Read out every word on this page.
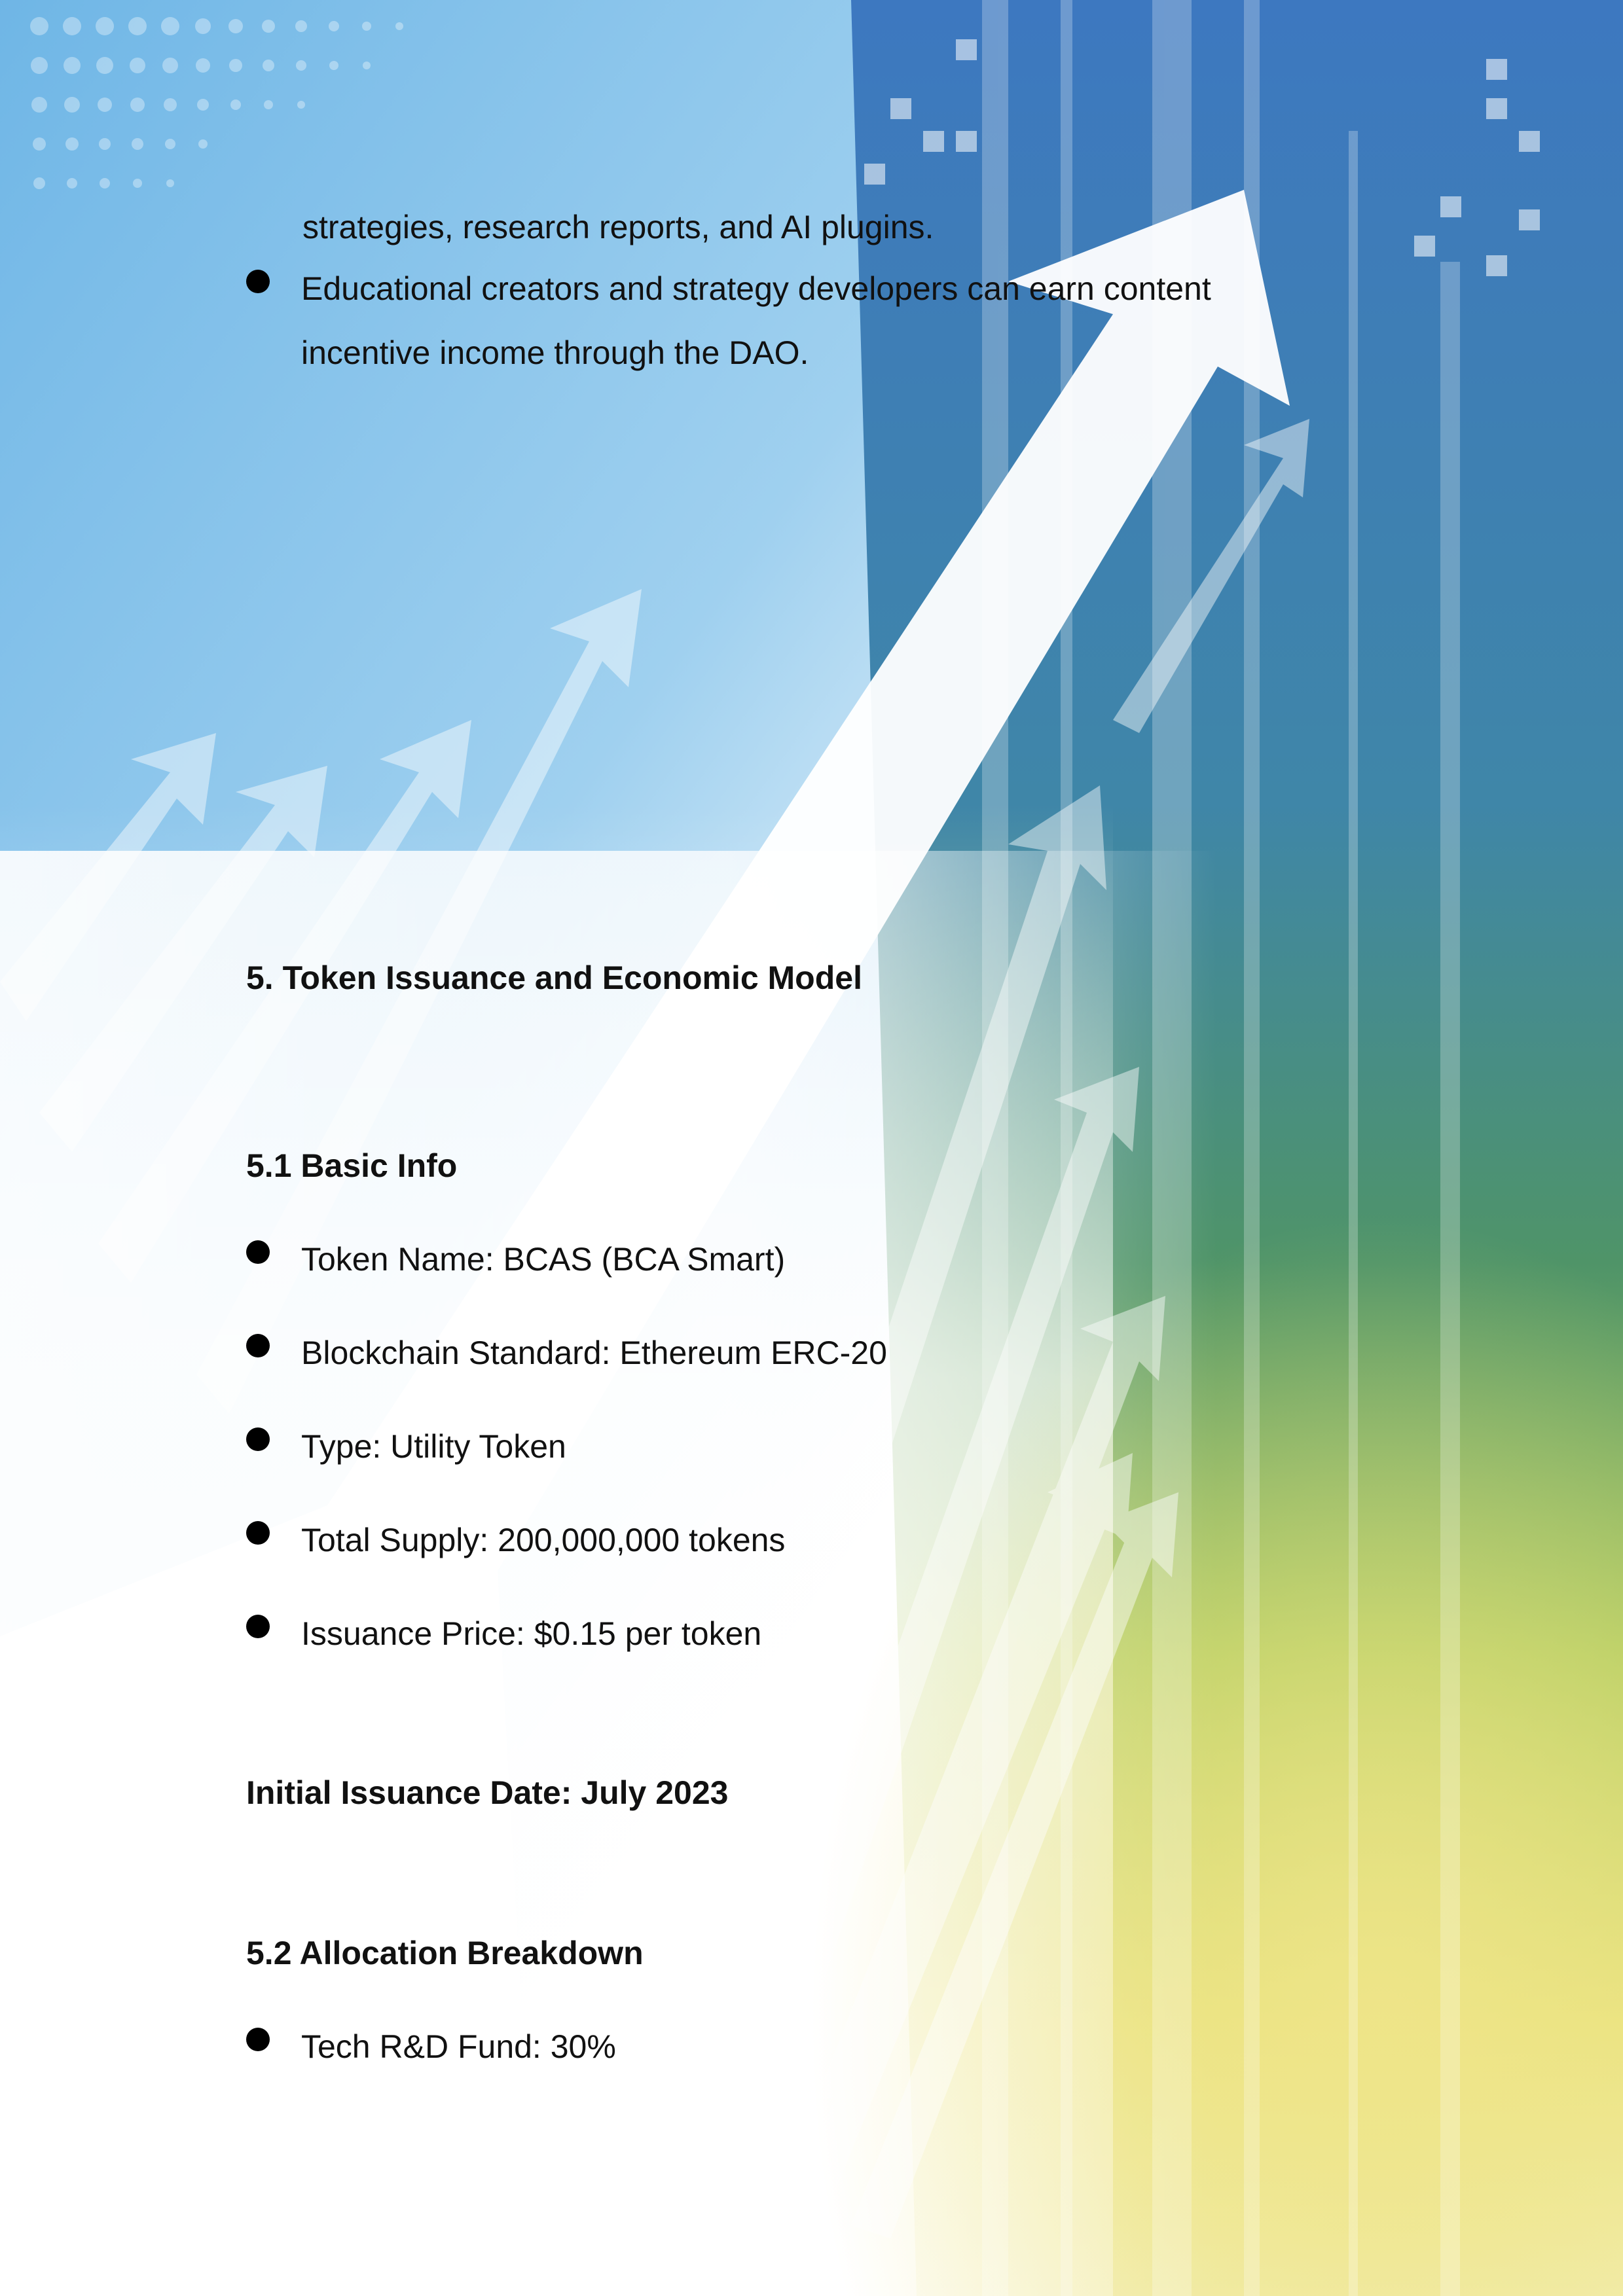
strategies, research reports, and AI plugins.
Educational creators and strategy developers can earn content incentive income through the DAO.
5. Token Issuance and Economic Model
5.1 Basic Info
Token Name: BCAS (BCA Smart)
Blockchain Standard: Ethereum ERC-20
Type: Utility Token
Total Supply: 200,000,000 tokens
Issuance Price: $0.15 per token
Initial Issuance Date: July 2023
5.2 Allocation Breakdown
Tech R&D Fund: 30%
